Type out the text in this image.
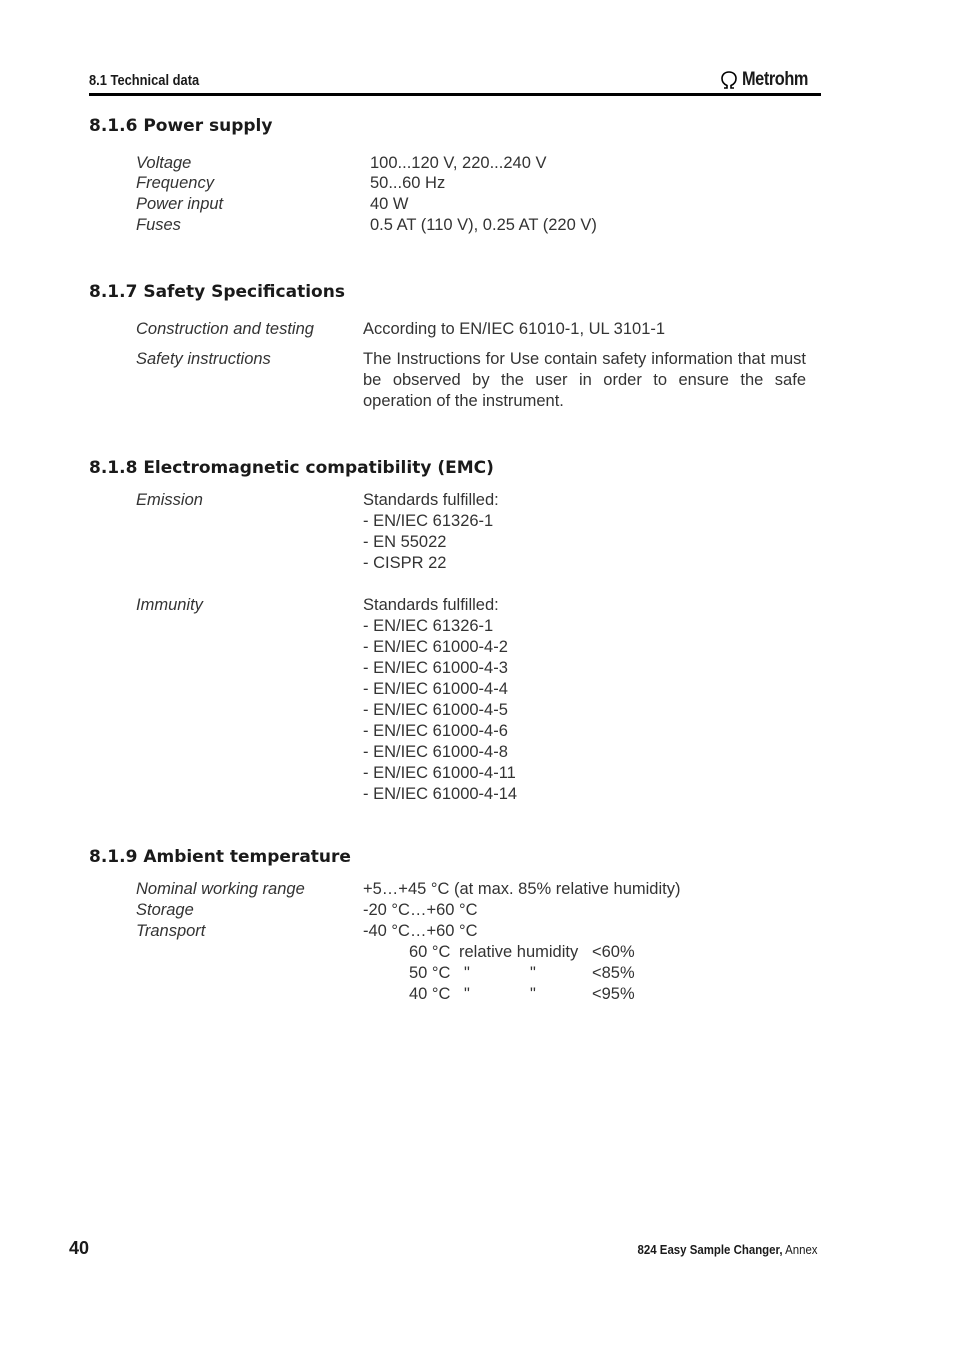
8.1 Technical data	Metrohm
8.1.6 Power supply
Voltage	100...120 V, 220...240 V
Frequency	50...60 Hz
Power input	40 W
Fuses	0.5 AT (110 V), 0.25 AT (220 V)
8.1.7 Safety Specifications
Construction and testing	According to EN/IEC 61010-1, UL 3101-1
Safety instructions	The Instructions for Use contain safety information that must be observed by the user in order to ensure the safe operation of the instrument.
8.1.8 Electromagnetic compatibility (EMC)
Emission	Standards fulfilled:
- EN/IEC 61326-1
- EN 55022
- CISPR 22
Immunity	Standards fulfilled:
- EN/IEC 61326-1
- EN/IEC 61000-4-2
- EN/IEC 61000-4-3
- EN/IEC 61000-4-4
- EN/IEC 61000-4-5
- EN/IEC 61000-4-6
- EN/IEC 61000-4-8
- EN/IEC 61000-4-11
- EN/IEC 61000-4-14
8.1.9 Ambient temperature
Nominal working range	+5…+45 °C (at max. 85% relative humidity)
Storage	-20 °C…+60 °C
Transport	-40 °C…+60 °C
60 °C relative humidity <60%
50 °C "	"	<85%
40 °C "	"	<95%
40	824 Easy Sample Changer, Annex
